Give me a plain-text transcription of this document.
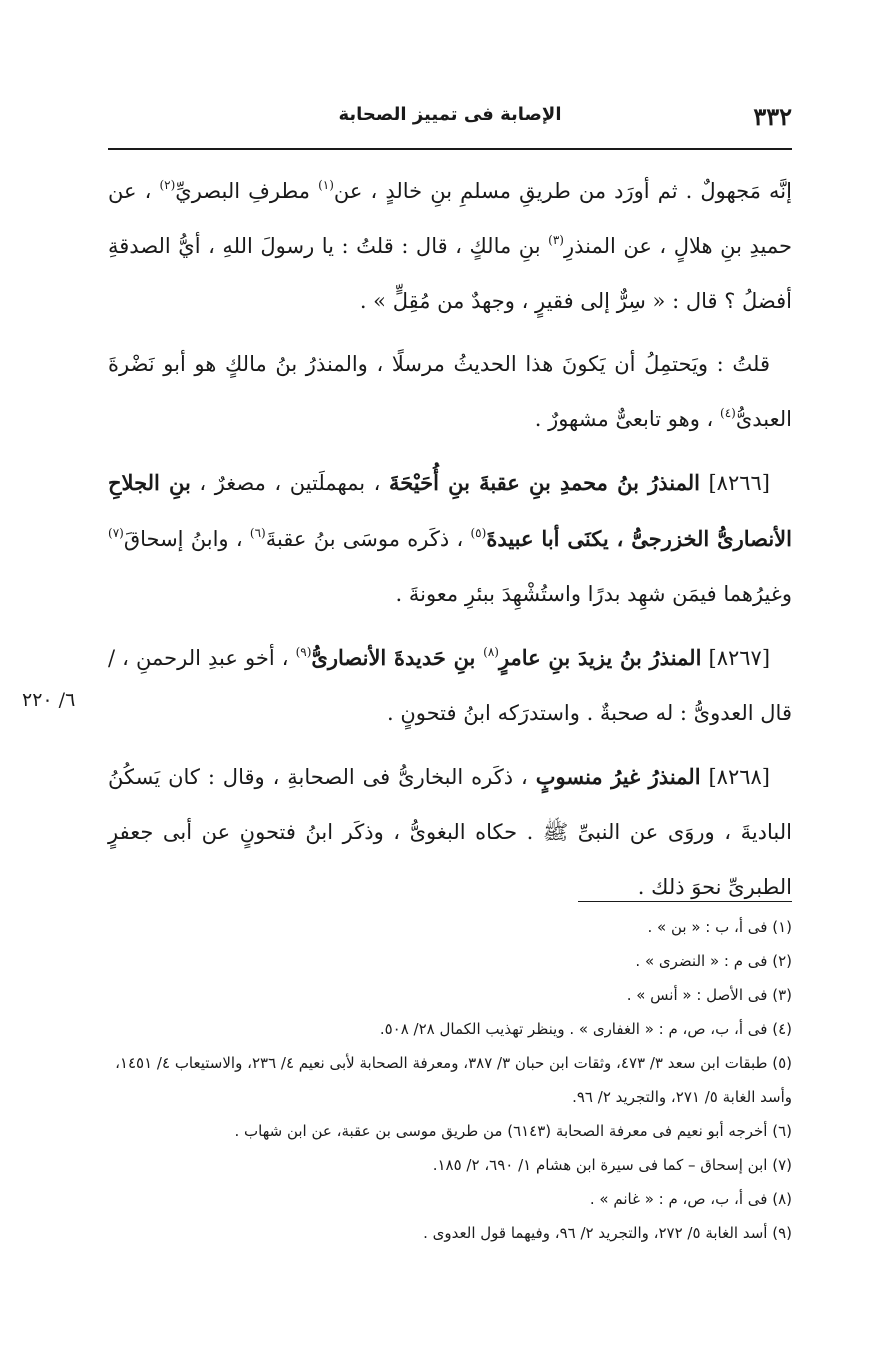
٣٣٢
الإصابة فى تمييز الصحابة

إنَّه مَجهولٌ . ثم أورَد من طريقِ مسلمِ بنِ خالدٍ ، عن$^{(١)}$ مطرفِ البصريِّ$^{(٢)}$ ، عن حميدِ بنِ هلالٍ ، عن المنذرِ$^{(٣)}$ بنِ مالكٍ ، قال : قلتُ : يا رسولَ اللهِ ، أيُّ الصدقةِ أفضلُ ؟ قال : « سِرٌّ إلى فقيرٍ ، وجهدٌ من مُقِلٍّ » .

قلتُ : ويَحتمِلُ أن يَكونَ هذا الحديثُ مرسلًا ، والمنذرُ بنُ مالكٍ هو أبو نَضْرةَ العبدىُّ$^{(٤)}$ ، وهو تابعىٌّ مشهورٌ .

[٨٢٦٦] المنذرُ بنُ محمدِ بنِ عقبةَ بنِ أُحَيْحَةَ ، بمهملَتين ، مصغرٌ ، بنِ الجلاحِ الأنصارىُّ الخزرجىُّ ، يكنَى أبا عبيدةَ$^{(٥)}$ ، ذكَره موسَى بنُ عقبةَ$^{(٦)}$ ، وابنُ إسحاقَ$^{(٧)}$ وغيرُهما فيمَن شهِد بدرًا واستُشْهِدَ ببئرِ معونةَ .

[٨٢٦٧] المنذرُ بنُ يزيدَ بنِ عامرٍ$^{(٨)}$ بنِ حَديدةَ الأنصارىُّ$^{(٩)}$ ، أخو عبدِ الرحمنِ ، / قال العدوىُّ : له صحبةٌ . واستدرَكه ابنُ فتحونٍ .

[٨٢٦٨] المنذرُ غيرُ منسوبٍ ، ذكَره البخارىُّ فى الصحابةِ ، وقال : كان يَسكُنُ الباديةَ ، وروَى عن النبىِّ ﷺ . حكاه البغوىُّ ، وذكَر ابنُ فتحونٍ عن أبى جعفرٍ الطبرىِّ نحوَ ذلك .

٦/ ٢٢٠

(١) فى أ، ب : « بن » .

(٢) فى م : « النضرى » .

(٣) فى الأصل : « أنس » .

(٤) فى أ، ب، ص، م : « الغفارى » . وينظر تهذيب الكمال ٢٨/ ٥٠٨.

(٥) طبقات ابن سعد ٣/ ٤٧٣، وثقات ابن حبان ٣/ ٣٨٧، ومعرفة الصحابة لأبى نعيم ٤/ ٢٣٦، والاستيعاب ٤/ ١٤٥١، وأسد الغابة ٥/ ٢٧١، والتجريد ٢/ ٩٦.

(٦) أخرجه أبو نعيم فى معرفة الصحابة (٦١٤٣) من طريق موسى بن عقبة، عن ابن شهاب .

(٧) ابن إسحاق – كما فى سيرة ابن هشام ١/ ٦٩٠، ٢/ ١٨٥.

(٨) فى أ، ب، ص، م : « غانم » .

(٩) أسد الغابة ٥/ ٢٧٢، والتجريد ٢/ ٩٦، وفيهما قول العدوى .
